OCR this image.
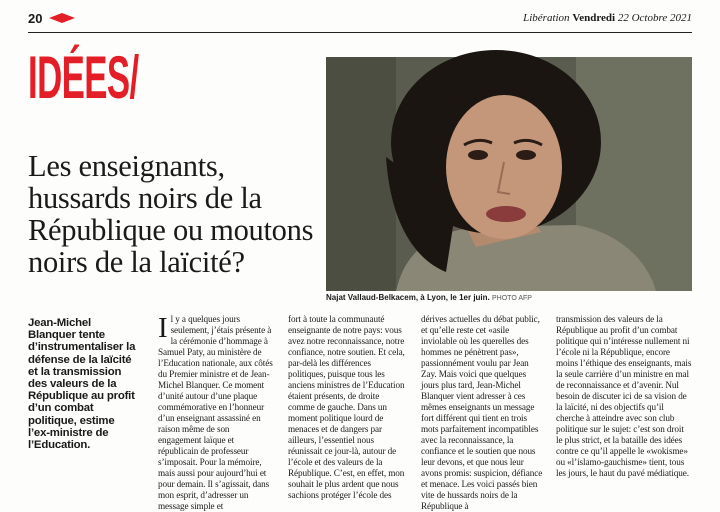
20	Libération Vendredi 22 Octobre 2021
IDÉES/
Les enseignants, hussards noirs de la République ou moutons noirs de la laïcité?
Najat Vallaud-Belkacem, à Lyon, le 1er juin. PHOTO AFP
Jean-Michel Blanquer tente d’instrumentaliser la défense de la laïcité et la transmission des valeurs de la République au profit d’un combat politique, estime l’ex-ministre de l’Education.
I l y a quelques jours seulement, j’étais présente à la cérémonie d’hommage à Samuel Paty, au ministère de l’Education nationale, aux côtés du Premier ministre et de Jean-Michel Blanquer. Ce moment d’unité autour d’une plaque commémorative en l’honneur d’un enseignant assassiné en raison même de son engagement laïque et républicain de professeur s’imposait. Pour la mémoire, mais aussi pour aujourd’hui et pour demain. Il s’agissait, dans mon esprit, d’adresser un message simple et

fort à toute la communauté enseignante de notre pays: vous avez notre reconnaissance, notre confiance, notre soutien. Et cela, par-delà les différences politiques, puisque tous les anciens ministres de l’Education étaient présents, de droite comme de gauche. Dans un moment politique lourd de menaces et de dangers par ailleurs, l’essentiel nous réunissait ce jour-là, autour de l’école et des valeurs de la République. C’est, en effet, mon souhait le plus ardent que nous sachions protéger l’école des

dérives actuelles du débat public, et qu’elle reste cet «asile inviolable où les querelles des hommes ne pénètrent pas», passionnément voulu par Jean Zay. Mais voici que quelques jours plus tard, Jean-Michel Blanquer vient adresser à ces mêmes enseignants un message fort différent qui tient en trois mots parfaitement incompatibles avec la reconnaissance, la confiance et le soutien que nous leur devons, et que nous leur avons promis: suspicion, défiance et menace. Les voici passés bien vite de hussards noirs de la République à

transmission des valeurs de la République au profit d’un combat politique qui n’intéresse nullement ni l’école ni la République, encore moins l’éthique des enseignants, mais la seule carrière d’un ministre en mal de reconnaissance et d’avenir. Nul besoin de discuter ici de sa vision de la laïcité, ni des objectifs qu’il cherche à atteindre avec son club politique sur le sujet: c’est son droit le plus strict, et la bataille des idées contre ce qu’il appelle le «wokisme» ou «l’islamo-gauchisme» tient, tous les jours, le haut du pavé médiatique.
